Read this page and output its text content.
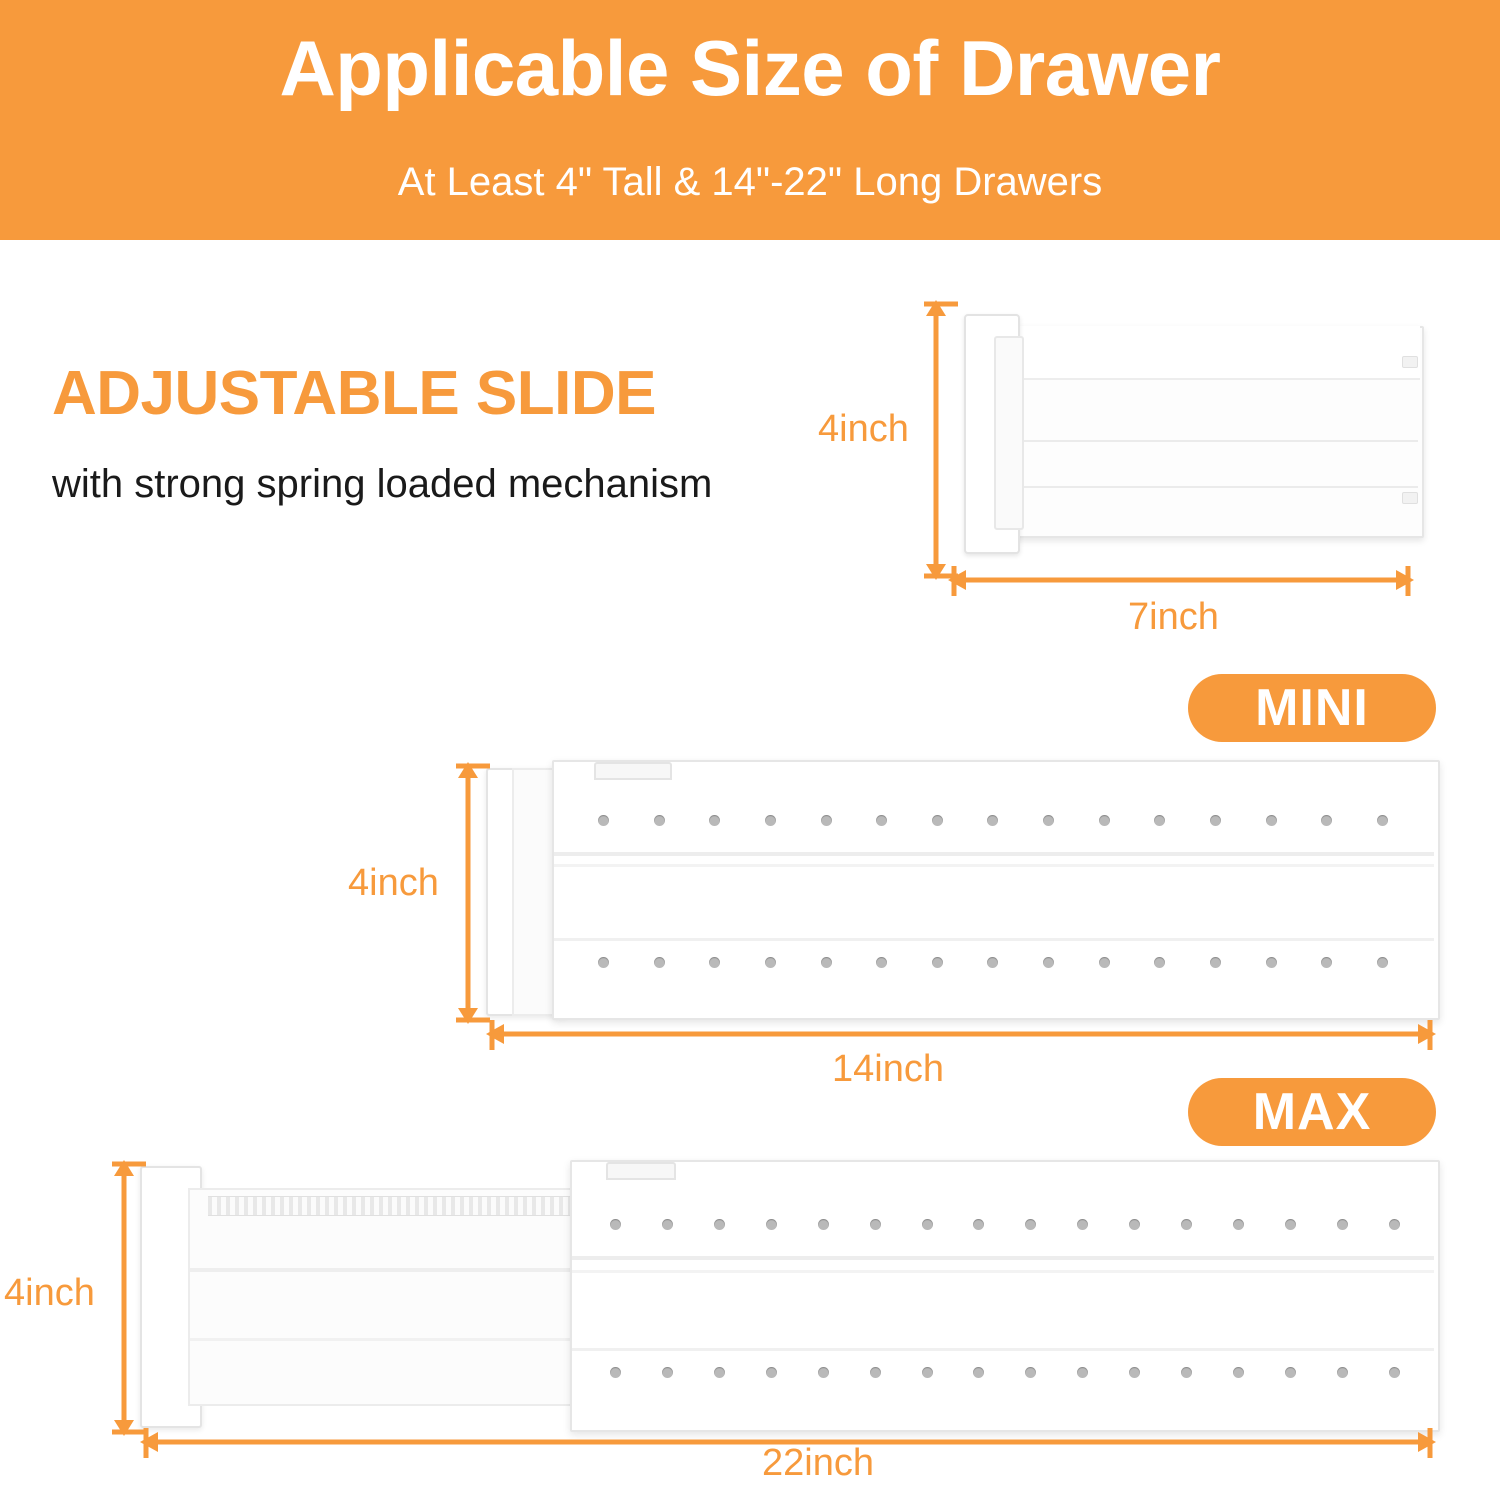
Applicable Size of Drawer
At Least 4" Tall & 14"-22" Long Drawers
ADJUSTABLE SLIDE
with strong spring loaded mechanism
4inch
7inch
MINI
4inch
14inch
MAX
4inch
22inch
